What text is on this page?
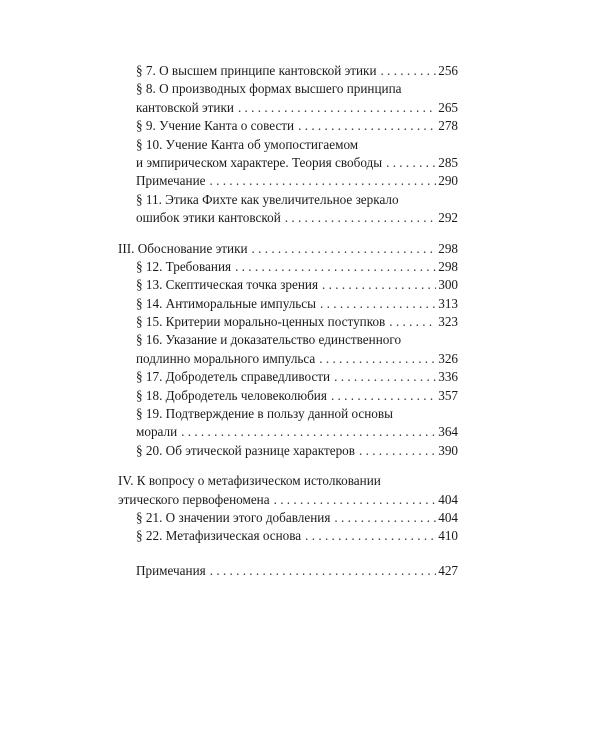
§ 7. О высшем принципе кантовской этики . . .	256
§ 8. О производных формах высшего принципа
кантовской этики . . .	265
§ 9. Учение Канта о совести . . .	278
§ 10. Учение Канта об умопостигаемом
и эмпирическом характере. Теория свободы . . .	285
Примечание . . .	290
§ 11. Этика Фихте как увеличительное зеркало
ошибок этики кантовской . . .	292
III. Обоснование этики . . .	298
§ 12. Требования . . .	298
§ 13. Скептическая точка зрения . . .	300
§ 14. Антиморальные импульсы . . .	313
§ 15. Критерии морально-ценных поступков . . .	323
§ 16. Указание и доказательство единственного
подлинно морального импульса . . .	326
§ 17. Добродетель справедливости . . .	336
§ 18. Добродетель человеколюбия . . .	357
§ 19. Подтверждение в пользу данной основы
морали . . .	364
§ 20. Об этической разнице характеров . . .	390
IV. К вопросу о метафизическом истолковании
этического первофеномена . . .	404
§ 21. О значении этого добавления . . .	404
§ 22. Метафизическая основа . . .	410
Примечания . . .	427
